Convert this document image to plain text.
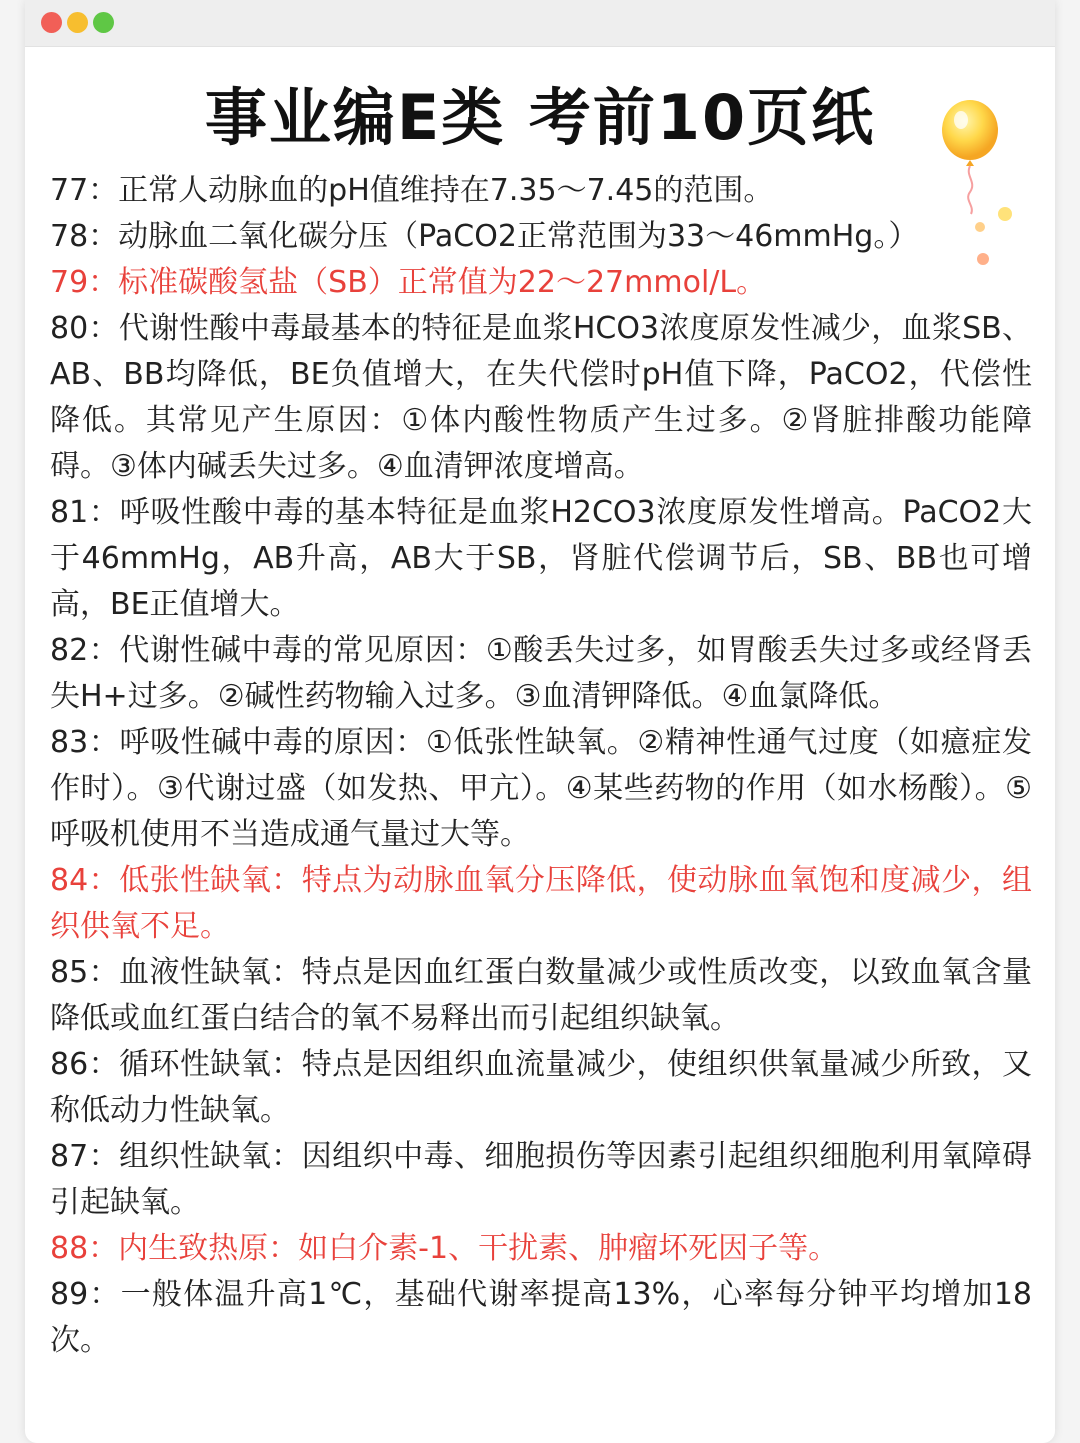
事业编E类 考前10页纸

77：正常人动脉血的pH值维持在7.35～7.45的范围。

78：动脉血二氧化碳分压（PaCO2正常范围为33～46mmHg。）

79：标准碳酸氢盐（SB）正常值为22～27mmol/L。

80：代谢性酸中毒最基本的特征是血浆HCO3浓度原发性减少，血浆SB、AB、BB均降低，BE负值增大，在失代偿时pH值下降，PaCO2，代偿性降低。其常见产生原因：①体内酸性物质产生过多。②肾脏排酸功能障碍。③体内碱丢失过多。④血清钾浓度增高。

81：呼吸性酸中毒的基本特征是血浆H2CO3浓度原发性增高。PaCO2大于46mmHg，AB升高，AB大于SB，肾脏代偿调节后，SB、BB也可增高，BE正值增大。

82：代谢性碱中毒的常见原因：①酸丢失过多，如胃酸丢失过多或经肾丢失H+过多。②碱性药物输入过多。③血清钾降低。④血氯降低。

83：呼吸性碱中毒的原因：①低张性缺氧。②精神性通气过度（如癔症发作时）。③代谢过盛（如发热、甲亢）。④某些药物的作用（如水杨酸）。⑤呼吸机使用不当造成通气量过大等。

84：低张性缺氧：特点为动脉血氧分压降低，使动脉血氧饱和度减少，组织供氧不足。

85：血液性缺氧：特点是因血红蛋白数量减少或性质改变，以致血氧含量降低或血红蛋白结合的氧不易释出而引起组织缺氧。

86：循环性缺氧：特点是因组织血流量减少，使组织供氧量减少所致，又称低动力性缺氧。

87：组织性缺氧：因组织中毒、细胞损伤等因素引起组织细胞利用氧障碍引起缺氧。

88：内生致热原：如白介素-1、干扰素、肿瘤坏死因子等。

89：一般体温升高1℃，基础代谢率提高13%，心率每分钟平均增加18次。
